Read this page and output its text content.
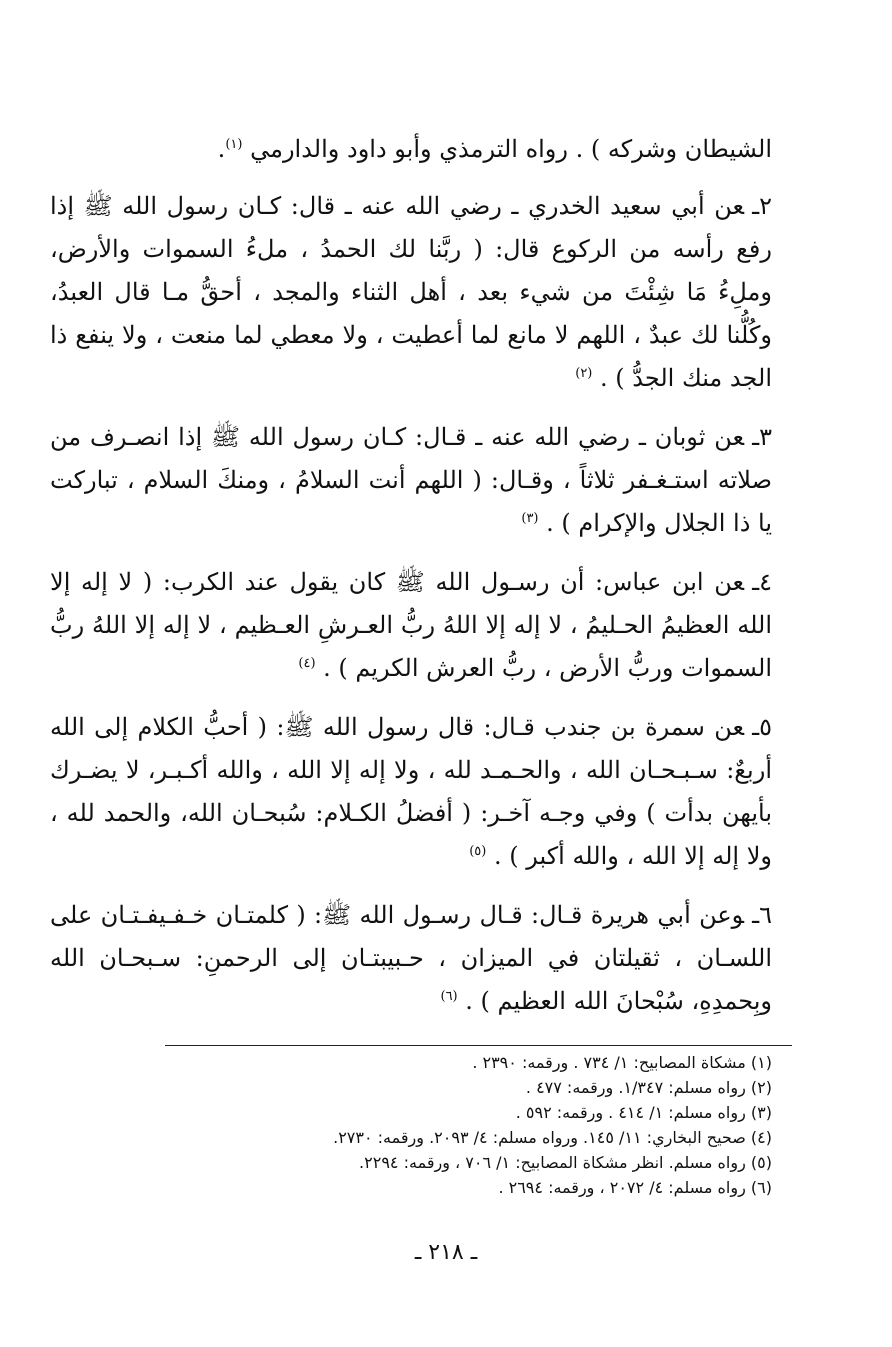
الشيطان وشركه ) . رواه الترمذي وأبو داود والدارمي $^{(١)}$.

٢ـعن أبي سعيد الخدري ـ رضي الله عنه ـ قال: كـان رسول الله ﷺ إذا رفع رأسه من الركوع قال: ( ربَّنا لك الحمدُ ، ملءُ السموات والأرض، وملِءُ مَا شِئْتَ من شيء بعد ، أهل الثناء والمجد ، أحقُّ مـا قال العبدُ، وكُلُّنا لك عبدٌ ، اللهم لا مانع لما أعطيت ، ولا معطي لما منعت ، ولا ينفع ذا الجد منك الجدُّ ) . $^{(٢)}$

٣ـعن ثوبان ـ رضي الله عنه ـ قـال: كـان رسول الله ﷺ إذا انصـرف من صلاته استـغـفر ثلاثاً ، وقـال: ( اللهم أنت السلامُ ، ومنكَ السلام ، تباركت يا ذا الجلال والإكرام ) . $^{(٣)}$

٤ـعن ابن عباس: أن رسـول الله ﷺ كان يقول عند الكرب: ( لا إله إلا الله العظيمُ الحـليمُ ، لا إله إلا اللهُ ربُّ العـرشِ العـظيم ، لا إله إلا اللهُ ربُّ السموات وربُّ الأرض ، ربُّ العرش الكريم ) . $^{(٤)}$

٥ـعن سمرة بن جندب قـال: قال رسول الله ﷺ: ( أحبُّ الكلام إلى الله أربعٌ: سـبـحـان الله ، والحـمـد لله ، ولا إله إلا الله ، والله أكـبـر، لا يضـرك بأيهن بدأت ) وفي وجـه آخـر: ( أفضلُ الكـلام: سُبحـان الله، والحمد لله ، ولا إله إلا الله ، والله أكبر ) . $^{(٥)}$

٦ـوعن أبي هريرة قـال: قـال رسـول الله ﷺ: ( كلمتـان خـفـيفـتـان على اللسـان ، ثقيلتان في الميزان ، حـبيبتـان إلى الرحمنِ: سـبحـان الله وبِحمدِهِ، سُبْحانَ الله العظيم ) . $^{(٦)}$

(١) مشكاة المصابيح: ١/ ٧٣٤ . ورقمه: ٢٣٩٠ .
(٢) رواه مسلم: ١/٣٤٧. ورقمه: ٤٧٧ .
(٣) رواه مسلم: ١/ ٤١٤ . ورقمه: ٥٩٢ .
(٤) صحيح البخاري: ١١/ ١٤٥. ورواه مسلم: ٤/ ٢٠٩٣. ورقمه: ٢٧٣٠.
(٥) رواه مسلم. انظر مشكاة المصابيح: ١/ ٧٠٦ ، ورقمه: ٢٢٩٤.
(٦) رواه مسلم: ٤/ ٢٠٧٢ ، ورقمه: ٢٦٩٤ .
ـ ٢١٨ ـ
